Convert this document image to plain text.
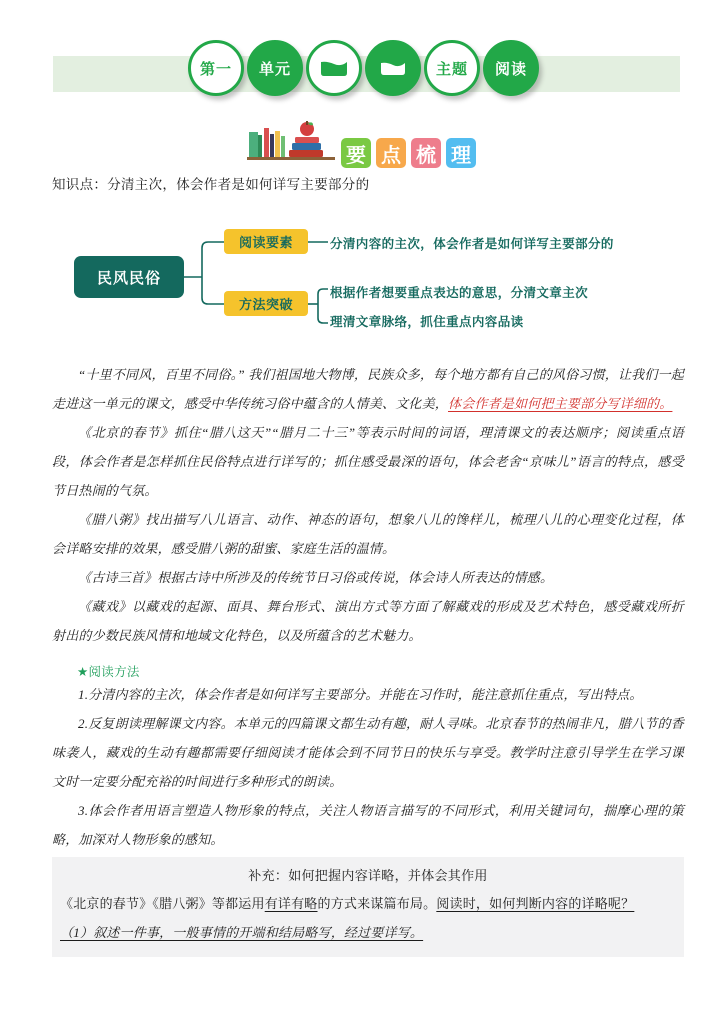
第一 单元	主题 阅读
要 点 梳 理
知识点：分清主次，体会作者是如何详写主要部分的
民风民俗
阅读要素
方法突破
分清内容的主次，体会作者是如何详写主要部分的
根据作者想要重点表达的意思，分清文章主次
理清文章脉络，抓住重点内容品读

“十里不同风，百里不同俗。” 我们祖国地大物博，民族众多，每个地方都有自己的风俗习惯，让我们一起走进这一单元的课文，感受中华传统习俗中蕴含的人情美、文化美，体会作者是如何把主要部分写详细的。

《北京的春节》抓住“腊八这天”“腊月二十三”等表示时间的词语，理清课文的表达顺序；阅读重点语段，体会作者是怎样抓住民俗特点进行详写的；抓住感受最深的语句，体会老舍“京味儿”语言的特点，感受节日热闹的气氛。

《腊八粥》找出描写八儿语言、动作、神态的语句，想象八儿的馋样儿，梳理八儿的心理变化过程，体会详略安排的效果，感受腊八粥的甜蜜、家庭生活的温情。

《古诗三首》根据古诗中所涉及的传统节日习俗或传说，体会诗人所表达的情感。

《藏戏》以藏戏的起源、面具、舞台形式、演出方式等方面了解藏戏的形成及艺术特色，感受藏戏所折射出的少数民族风情和地域文化特色，以及所蕴含的艺术魅力。

★阅读方法

1.分清内容的主次，体会作者是如何详写主要部分。并能在习作时，能注意抓住重点，写出特点。

2.反复朗读理解课文内容。本单元的四篇课文都生动有趣，耐人寻味。北京春节的热闹非凡，腊八节的香味袭人，藏戏的生动有趣都需要仔细阅读才能体会到不同节日的快乐与享受。教学时注意引导学生在学习课文时一定要分配充裕的时间进行多种形式的朗读。

3.体会作者用语言塑造人物形象的特点，关注人物语言描写的不同形式，利用关键词句，揣摩心理的策略，加深对人物形象的感知。

补充：如何把握内容详略，并体会其作用
《北京的春节》《腊八粥》等都运用有详有略的方式来谋篇布局。阅读时，如何判断内容的详略呢？
（1）叙述一件事，一般事情的开端和结局略写，经过要详写。
